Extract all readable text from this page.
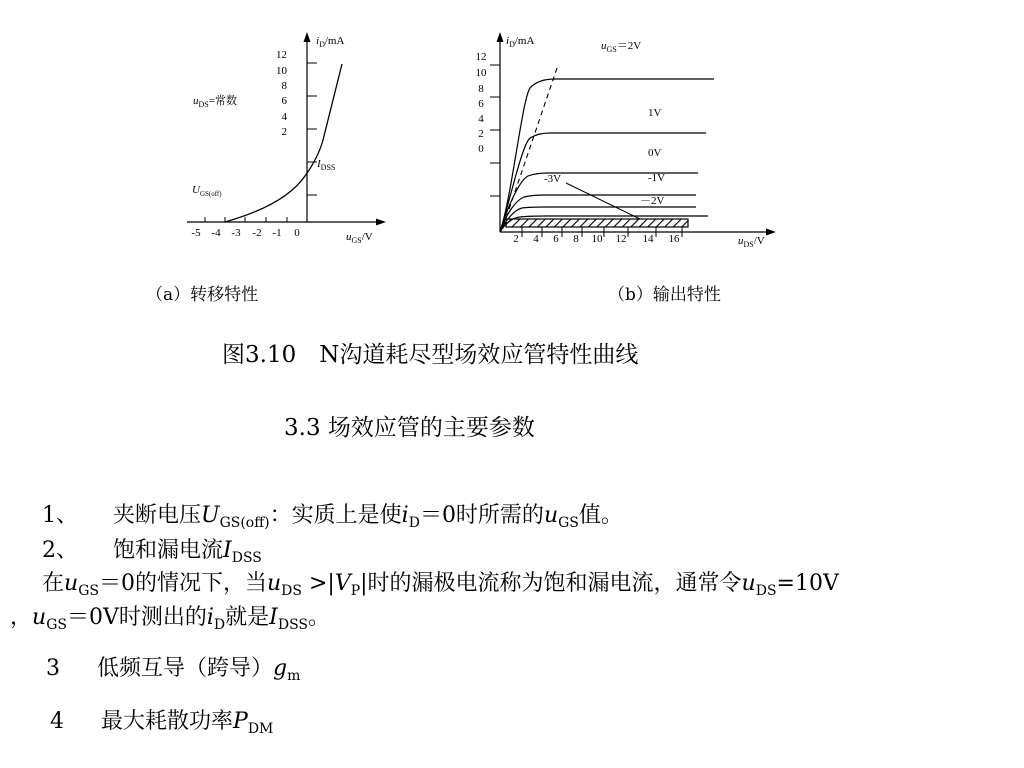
12
10
8
6
4
2
$i_D/mA$
$u_{DS}=$常数
$I_{DSS}$
$U_{GS(off)}$
-5 -4 -3 -2 -1 0	$u_{GS}/V$
12
10
8
6
4
2
0
$i_D/mA$	$u_{GS}=2V$
1V
0V
-1V
－2V
-3V
2 4 6 8 10 12 14 16	$u_{DS}/V$
（a）转移特性	（b）输出特性
图3.10　N沟道耗尽型场效应管特性曲线
3.3 场效应管的主要参数
1、 夹断电压$U_{GS(off)}$：实质上是使$i_D=0$时所需的$u_{GS}$值。
2、 饱和漏电流$I_{DSS}$
在$u_{GS}=0$的情况下，当$u_{DS} >|V_P|$时的漏极电流称为饱和漏电流，通常令$u_{DS}=10V$
，$u_{GS}=0V$时测出的$i_D$就是$I_{DSS}$。
3 低频互导（跨导）$g_m$
4 最大耗散功率$P_{DM}$
